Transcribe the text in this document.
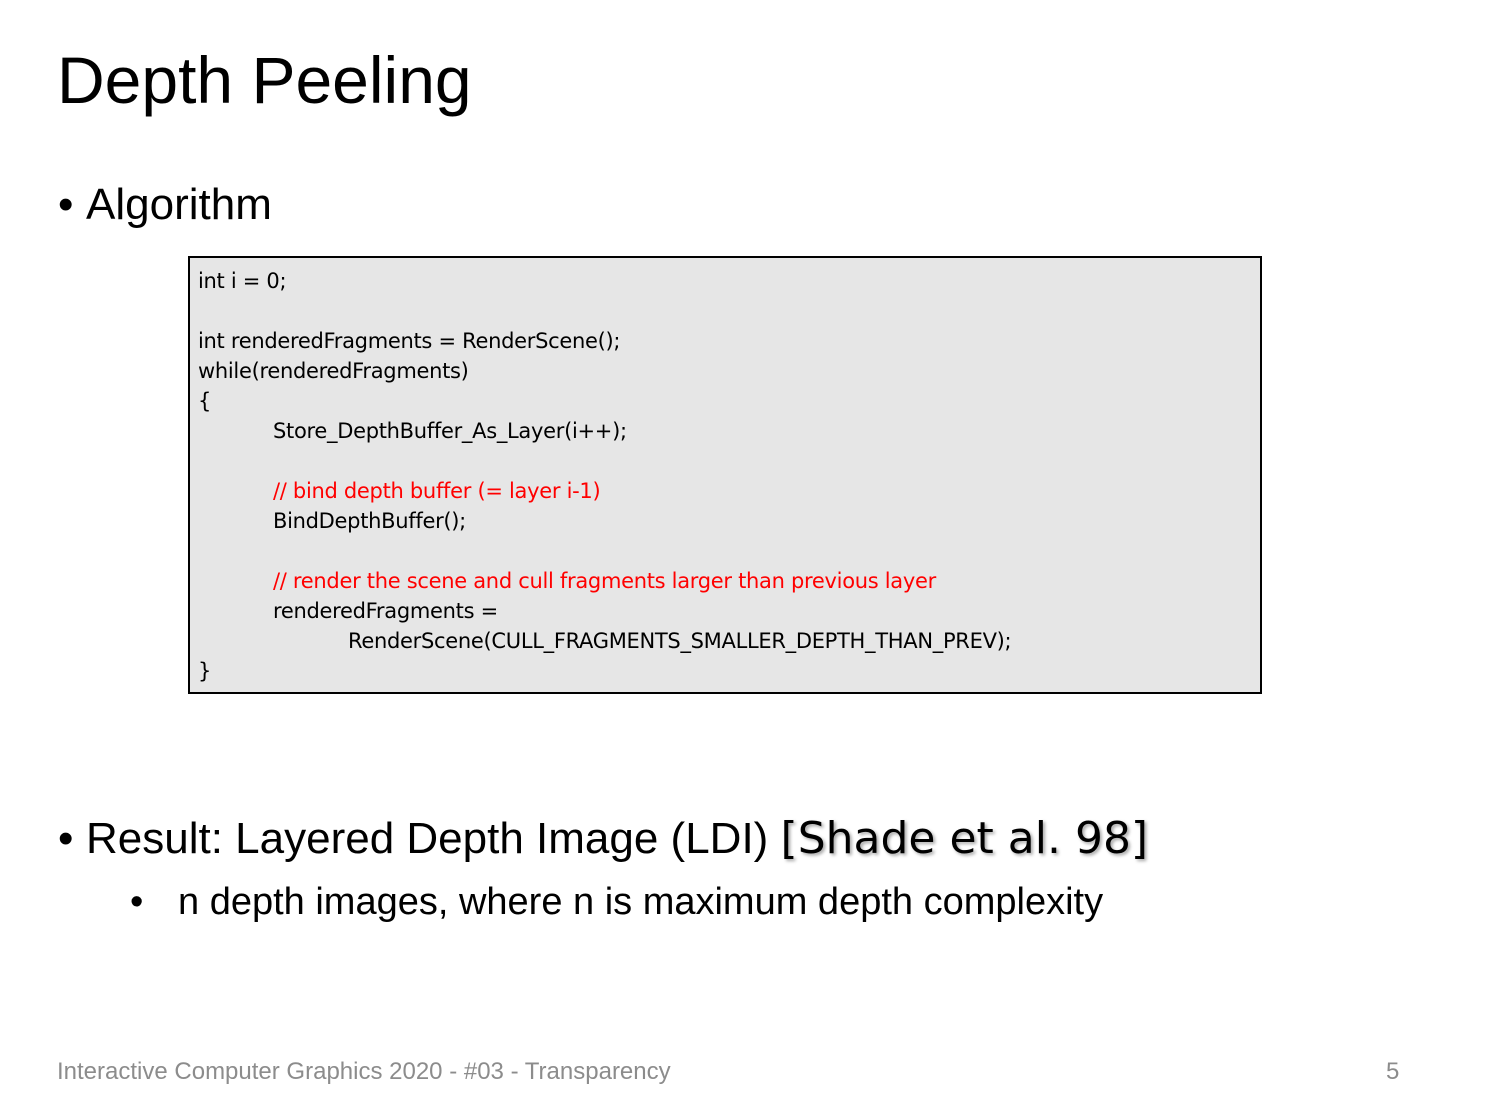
Depth Peeling
• Algorithm
int i = 0;
int renderedFragments = RenderScene();
while(renderedFragments)
{
Store_DepthBuffer_As_Layer(i++);
// bind depth buffer (= layer i-1)
BindDepthBuffer();
// render the scene and cull fragments larger than previous layer
renderedFragments =
RenderScene(CULL_FRAGMENTS_SMALLER_DEPTH_THAN_PREV);
}
• Result: Layered Depth Image (LDI) [Shade et al. 98]
• n depth images, where n is maximum depth complexity
Interactive Computer Graphics 2020 - #03 - Transparency	5
